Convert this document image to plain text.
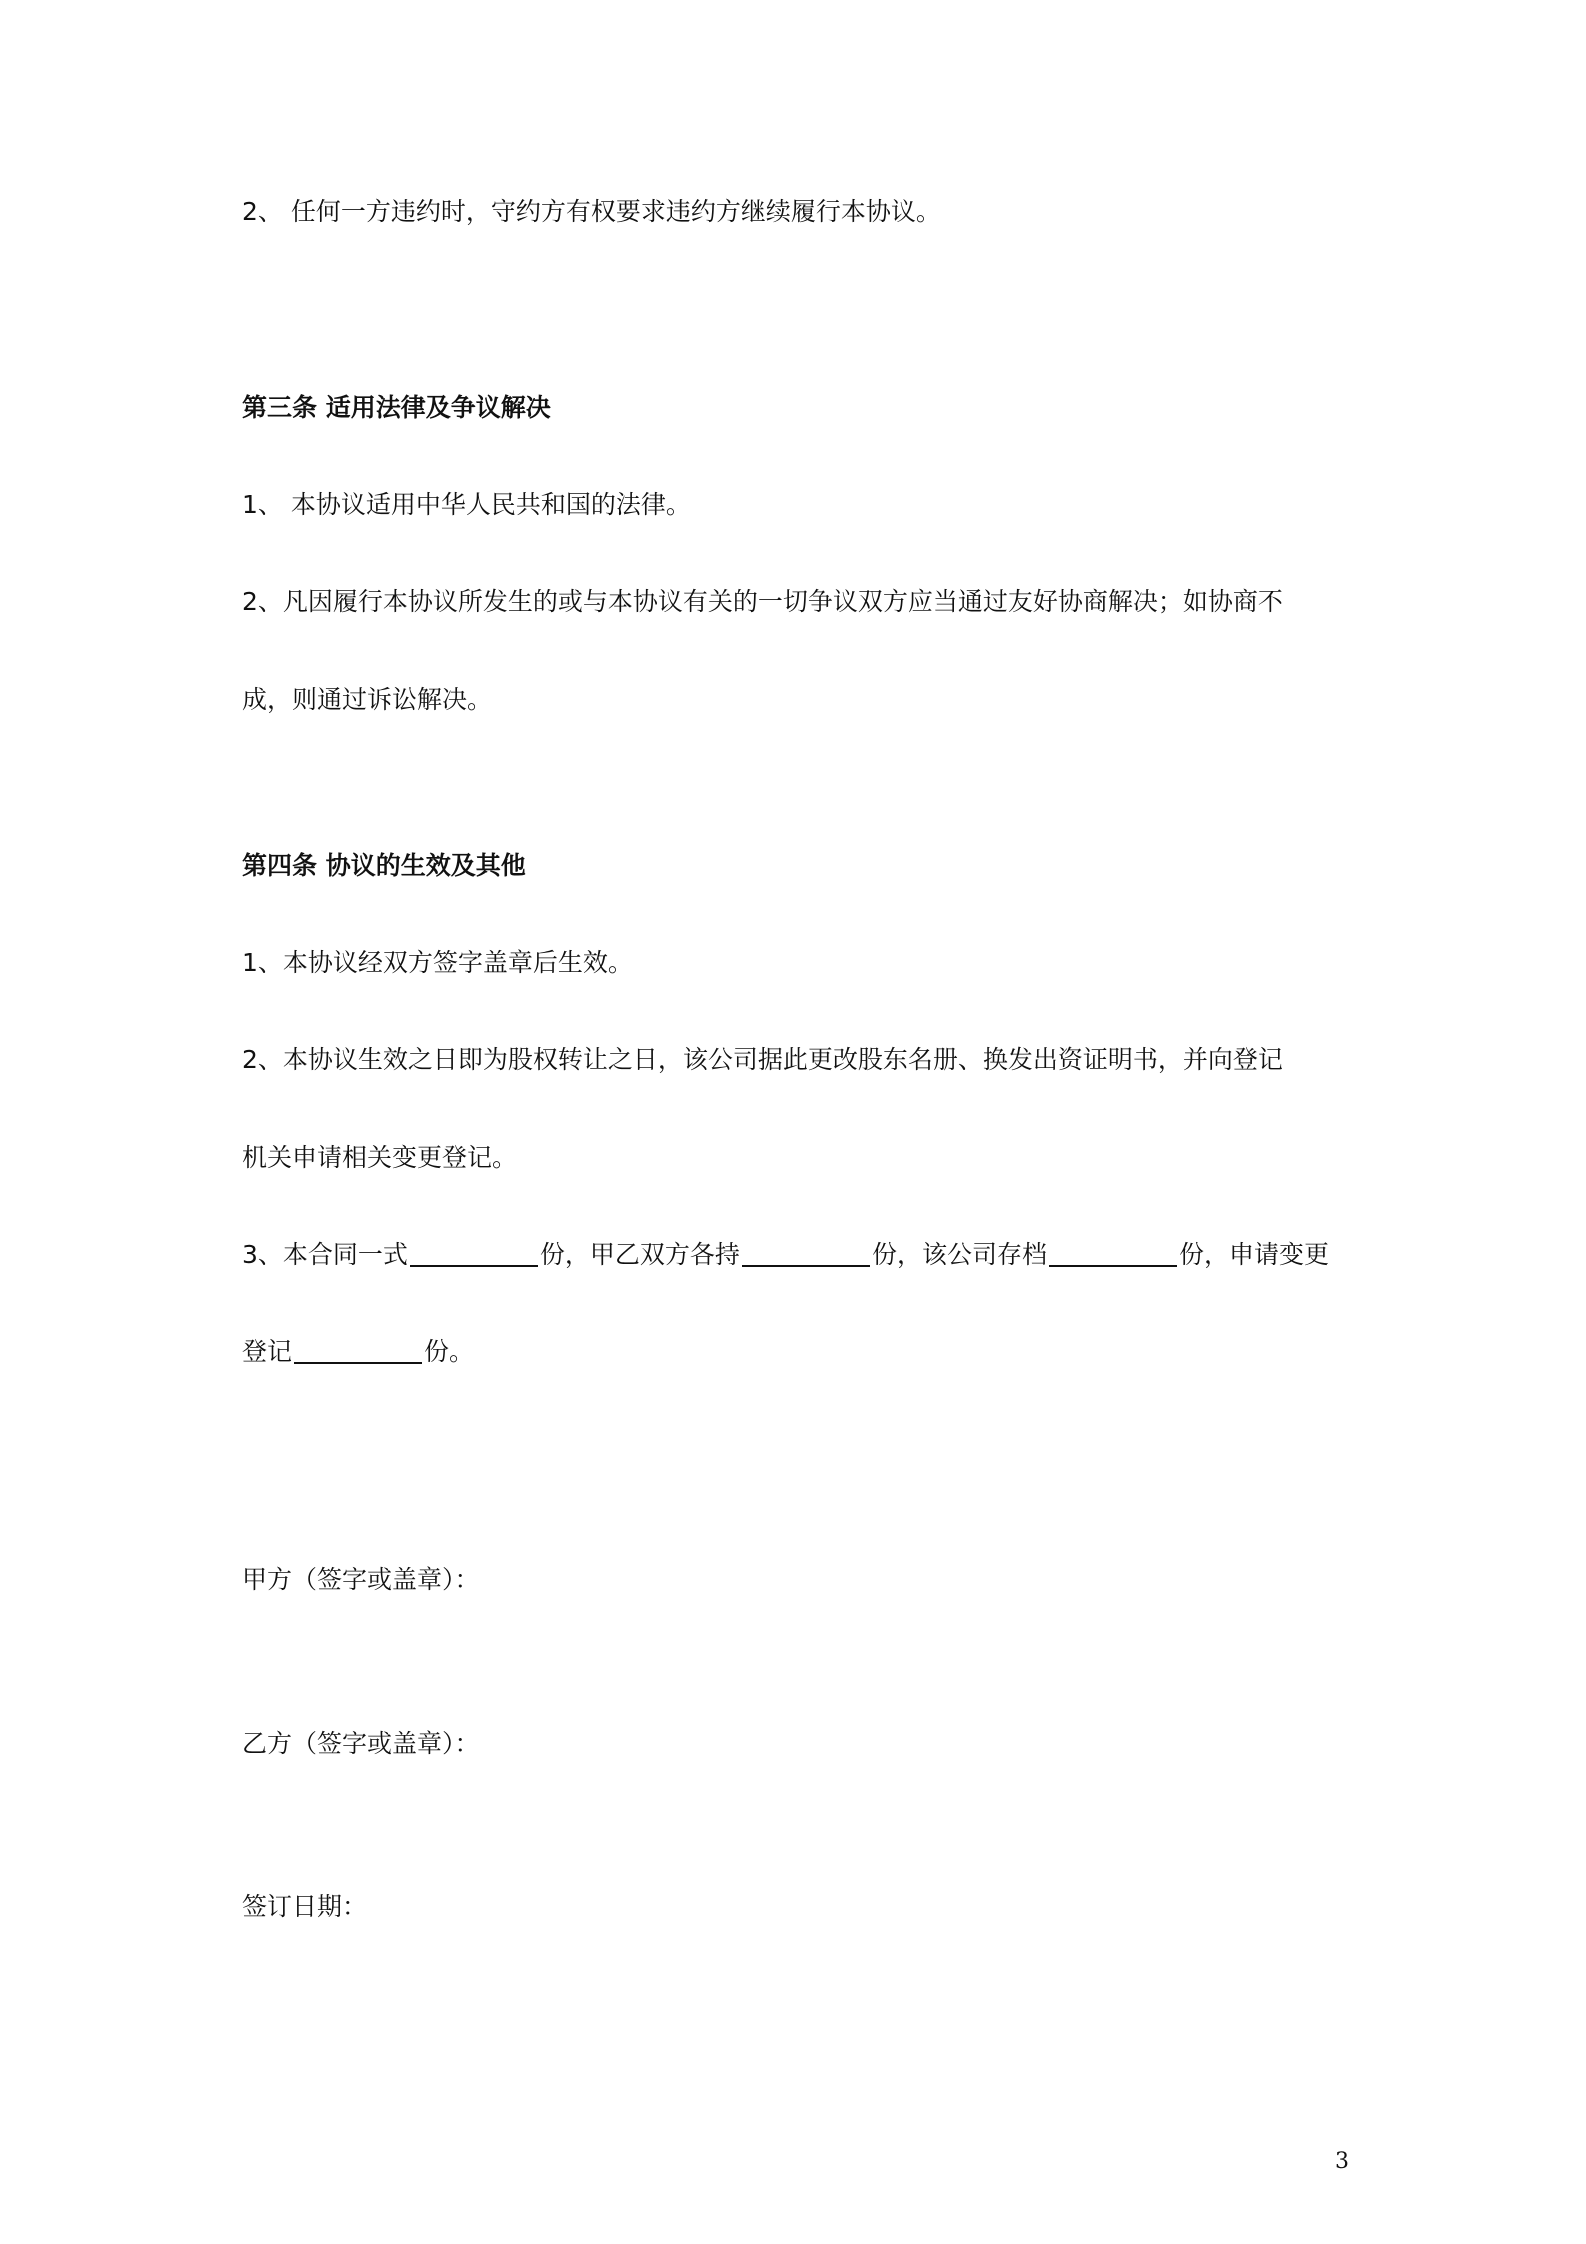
2、 任何一方违约时，守约方有权要求违约方继续履行本协议。
第三条 适用法律及争议解决
1、 本协议适用中华人民共和国的法律。
2、凡因履行本协议所发生的或与本协议有关的一切争议双方应当通过友好协商解决；如协商不
成，则通过诉讼解决。
第四条 协议的生效及其他
1、本协议经双方签字盖章后生效。
2、本协议生效之日即为股权转让之日，该公司据此更改股东名册、换发出资证明书，并向登记
机关申请相关变更登记。
3、本合同一式	份，甲乙双方各持	份，该公司存档	份，申请变更
登记	份。
甲方（签字或盖章）：
乙方（签字或盖章）：
签订日期：
3
